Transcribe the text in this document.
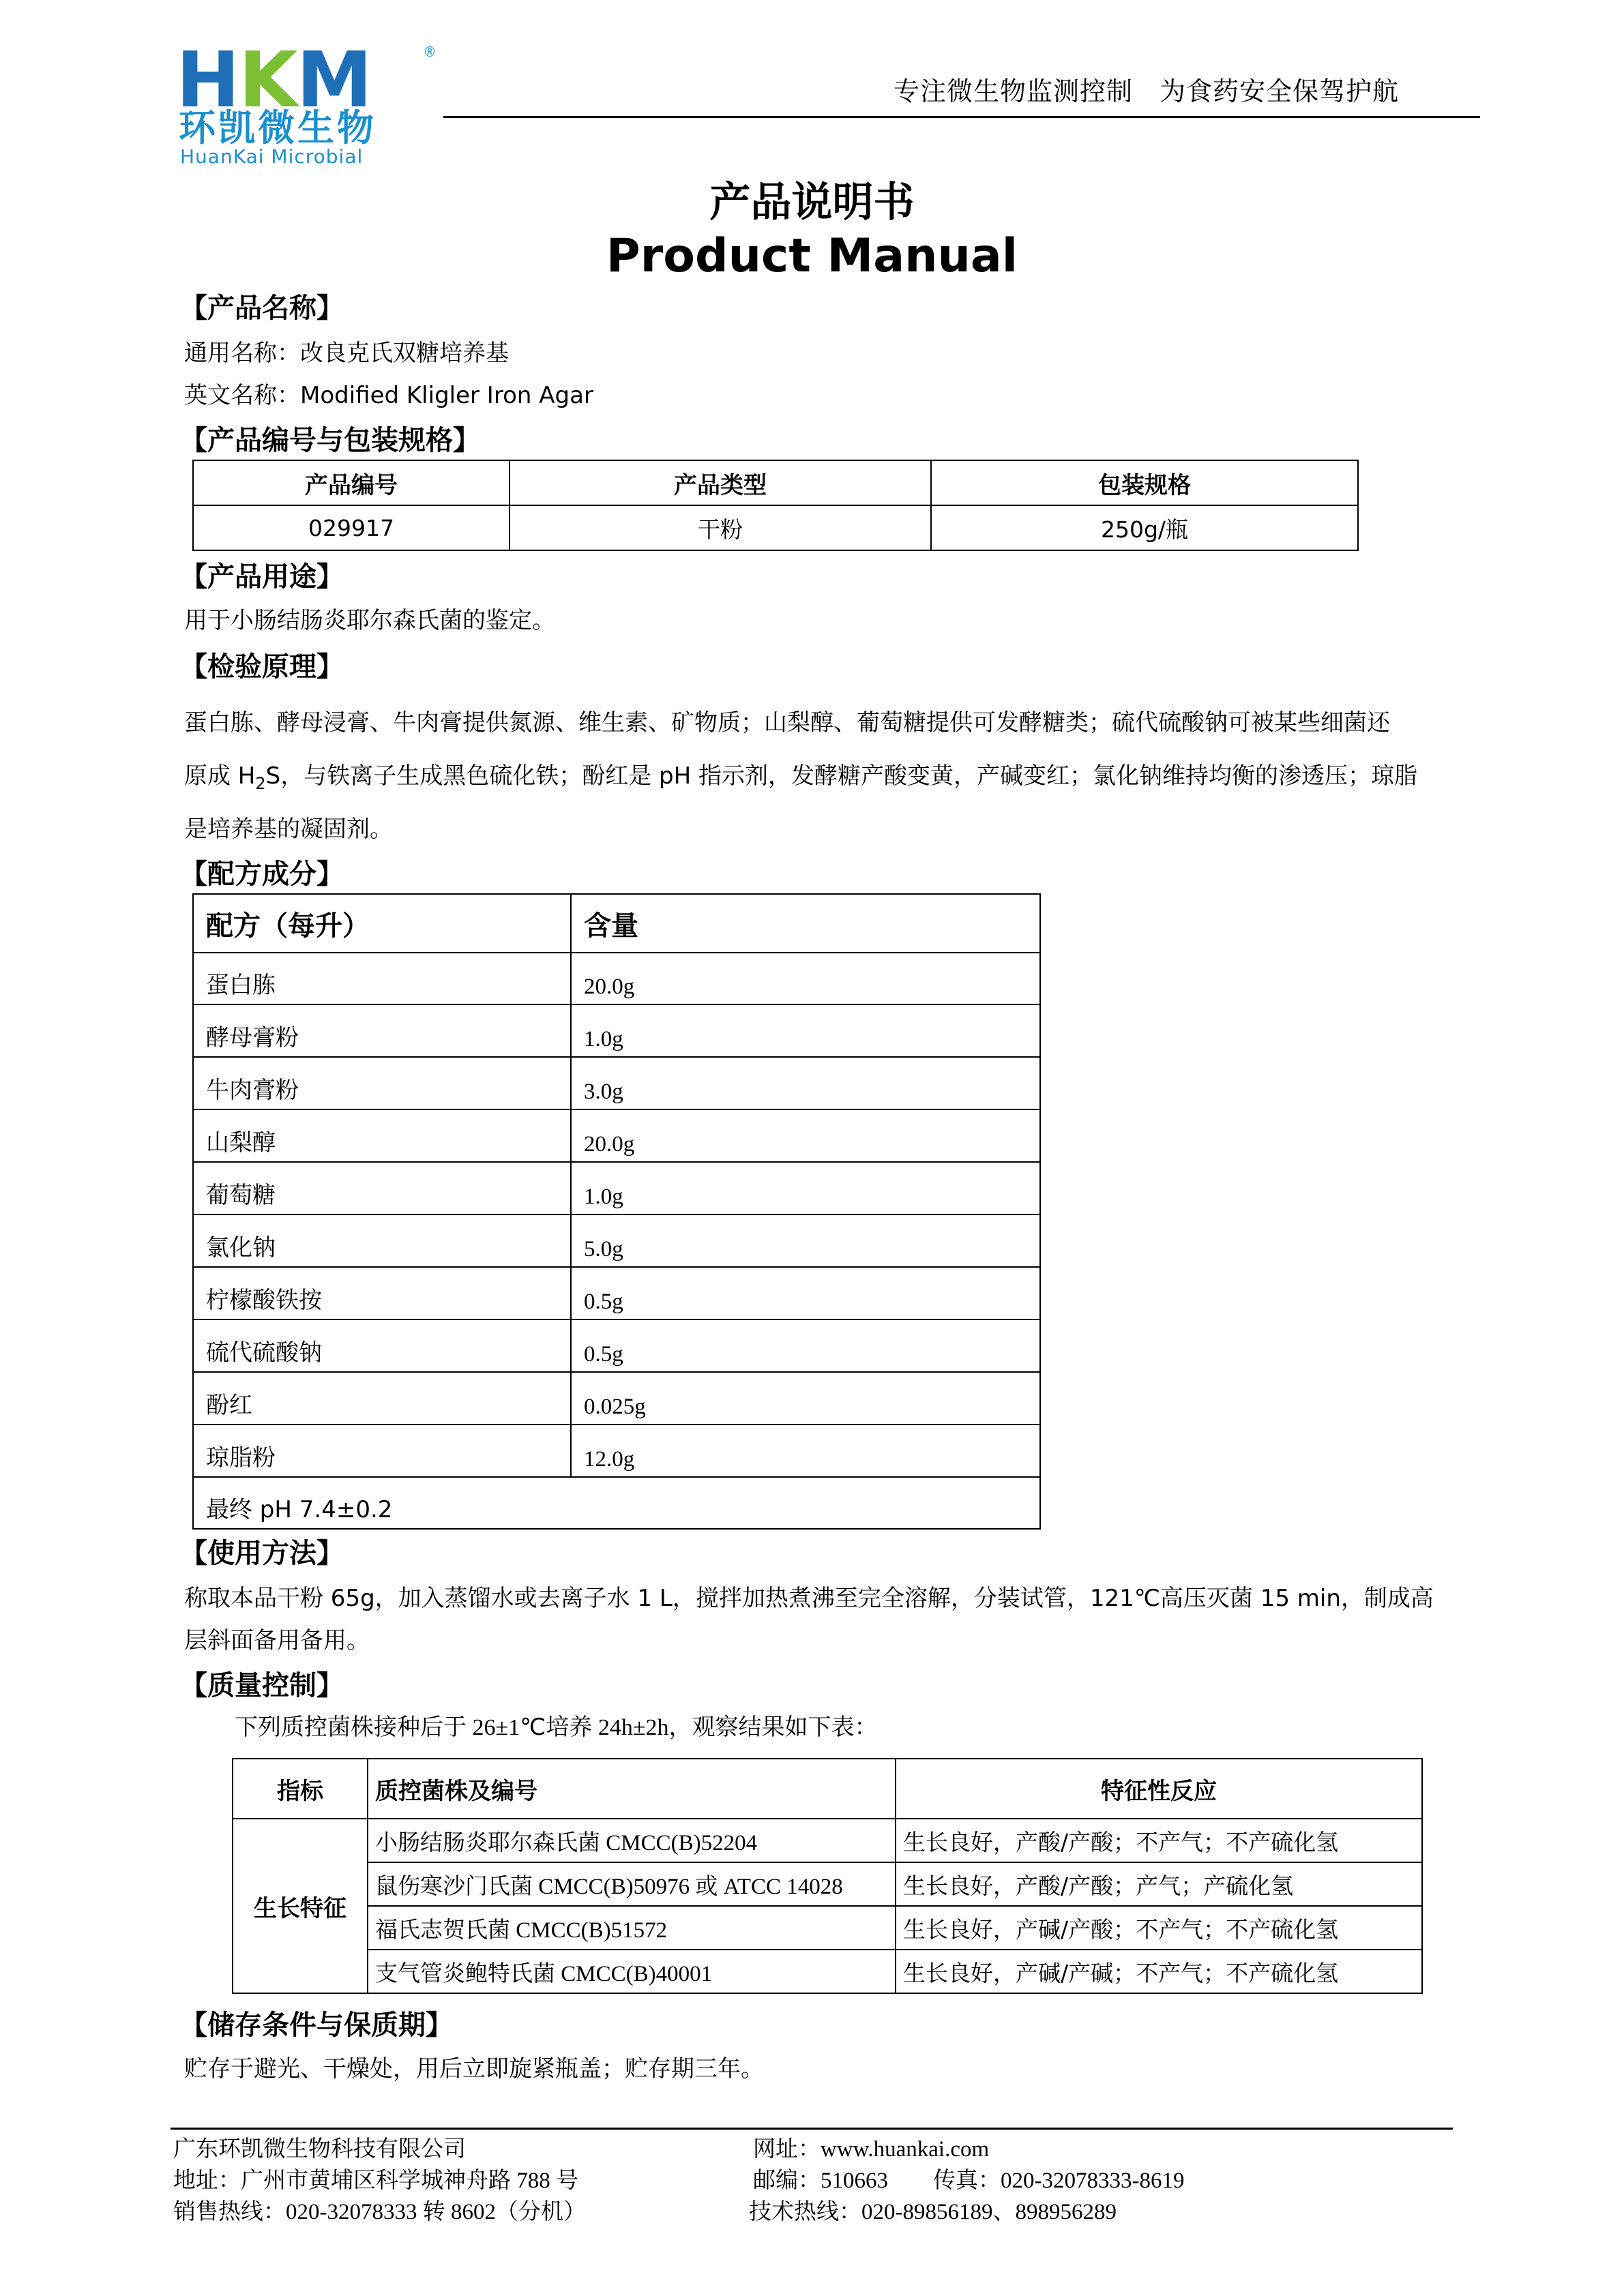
HKM	®
环凯微生物
HuanKai Microbial
专注微生物监测控制　为食药安全保驾护航
产品说明书
Product Manual
【产品名称】
通用名称：改良克氏双糖培养基
英文名称：Modified Kligler Iron Agar
【产品编号与包装规格】
产品编号	产品类型	包装规格
029917	干粉	250g/瓶
【产品用途】
用于小肠结肠炎耶尔森氏菌的鉴定。
【检验原理】
蛋白胨、酵母浸膏、牛肉膏提供氮源、维生素、矿物质；山梨醇、葡萄糖提供可发酵糖类；硫代硫酸钠可被某些细菌还
原成 $H_2S$，与铁离子生成黑色硫化铁；酚红是 pH 指示剂，发酵糖产酸变黄，产碱变红；氯化钠维持均衡的渗透压；琼脂
是培养基的凝固剂。
【配方成分】
配方（每升）	含量
蛋白胨	20.0g
酵母膏粉	1.0g
牛肉膏粉	3.0g
山梨醇	20.0g
葡萄糖	1.0g
氯化钠	5.0g
柠檬酸铁按	0.5g
硫代硫酸钠	0.5g
酚红	0.025g
琼脂粉	12.0g
最终 pH 7.4±0.2	
【使用方法】
称取本品干粉 65g，加入蒸馏水或去离子水 1 L，搅拌加热煮沸至完全溶解，分装试管，121℃高压灭菌 15 min，制成高
层斜面备用备用。
【质量控制】
下列质控菌株接种后于 26±1℃培养 24h±2h，观察结果如下表：
指标	质控菌株及编号	特征性反应
生长特征	小肠结肠炎耶尔森氏菌 CMCC(B)52204	生长良好，产酸/产酸；不产气；不产硫化氢
	鼠伤寒沙门氏菌 CMCC(B)50976 或 ATCC 14028	生长良好，产酸/产酸；产气；产硫化氢
	福氏志贺氏菌 CMCC(B)51572	生长良好，产碱/产酸；不产气；不产硫化氢
	支气管炎鲍特氏菌 CMCC(B)40001	生长良好，产碱/产碱；不产气；不产硫化氢
【储存条件与保质期】
贮存于避光、干燥处，用后立即旋紧瓶盖；贮存期三年。
广东环凯微生物科技有限公司
地址：广州市黄埔区科学城神舟路 788 号
销售热线：020-32078333 转 8602（分机）
网址：www.huankai.com
邮编：510663　　传真：020-32078333-8619
技术热线：020-89856189、898956289
